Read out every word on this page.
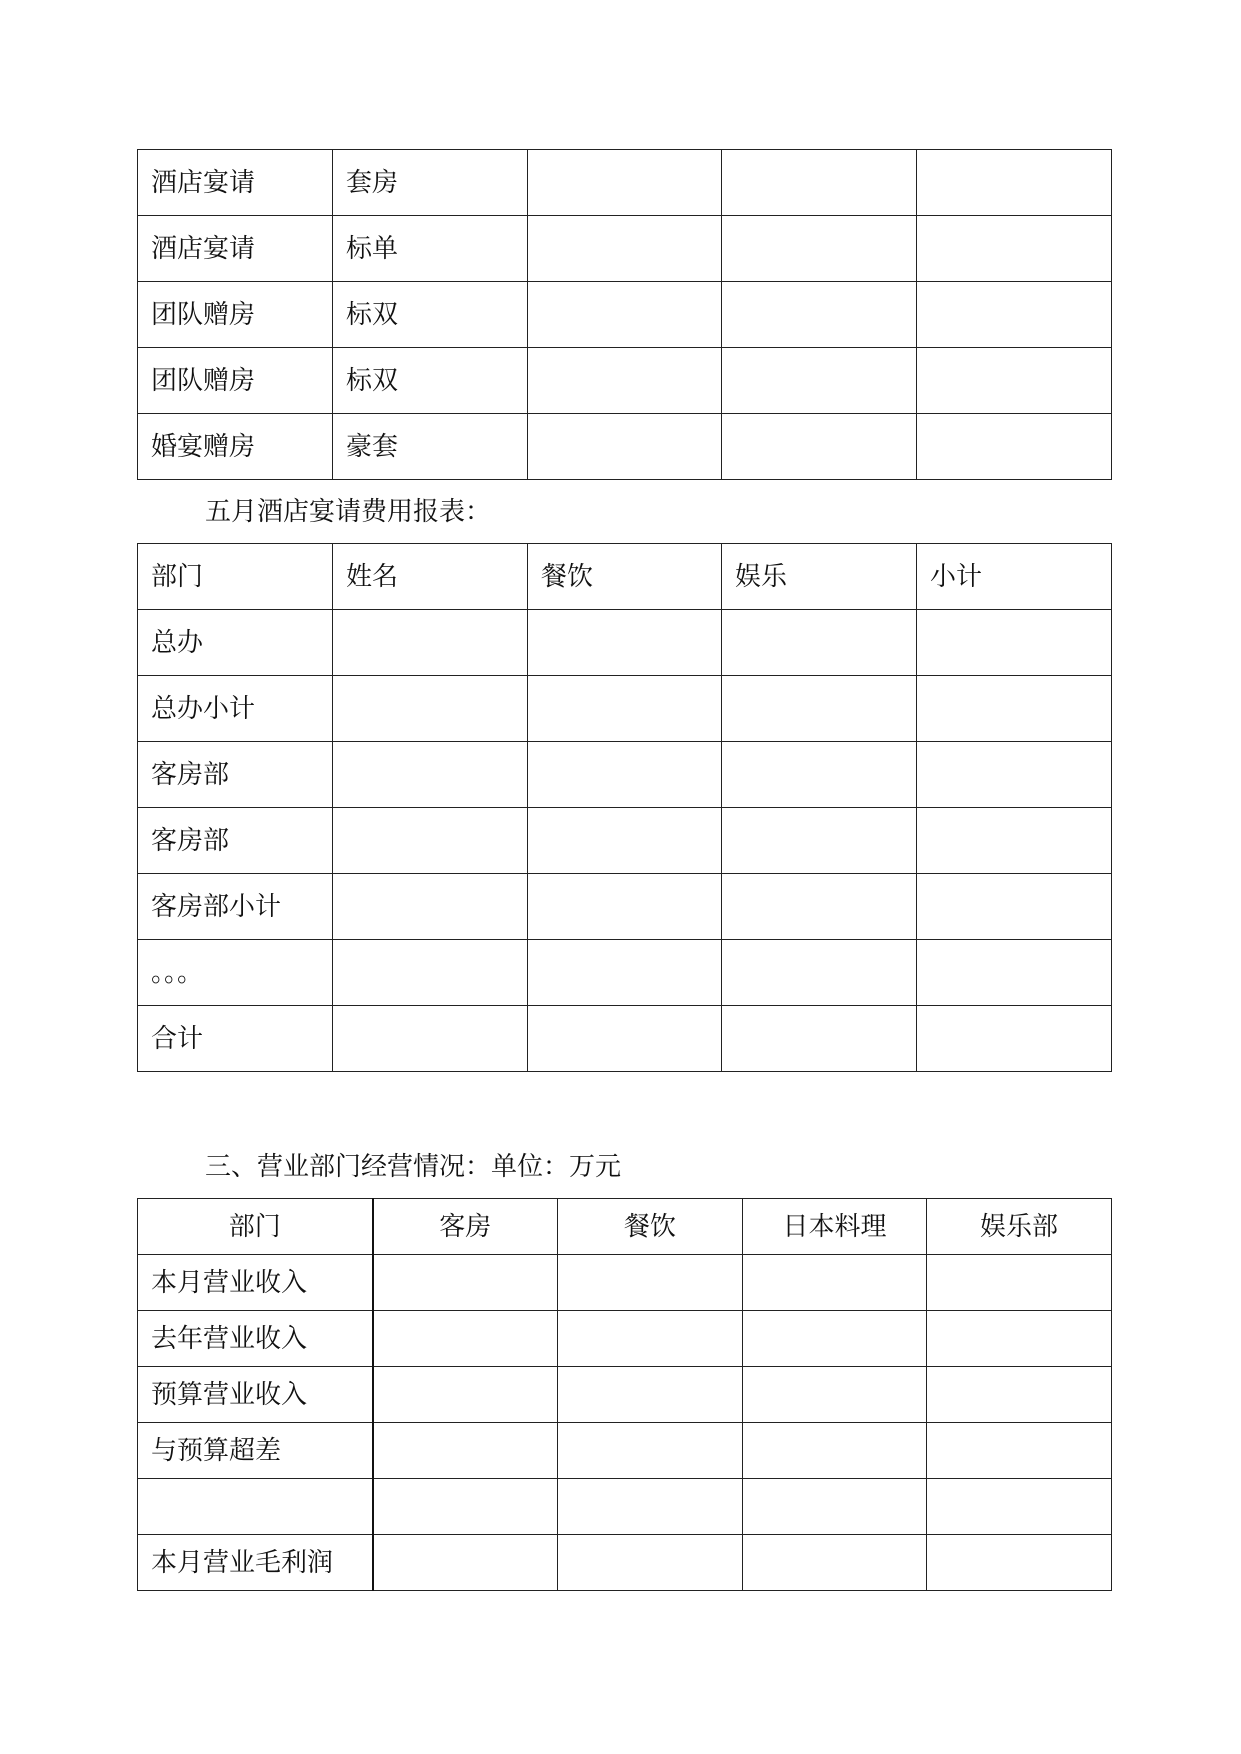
酒店宴请	套房			
酒店宴请	标单			
团队赠房	标双			
团队赠房	标双			
婚宴赠房	豪套			
五月酒店宴请费用报表：
部门	姓名	餐饮	娱乐	小计
总办				
总办小计				
客房部				
客房部				
客房部小计				
。。。				
合计				
三、营业部门经营情况：单位：万元
部门	客房	餐饮	日本料理	娱乐部
本月营业收入				
去年营业收入				
预算营业收入				
与预算超差				

本月营业毛利润				
